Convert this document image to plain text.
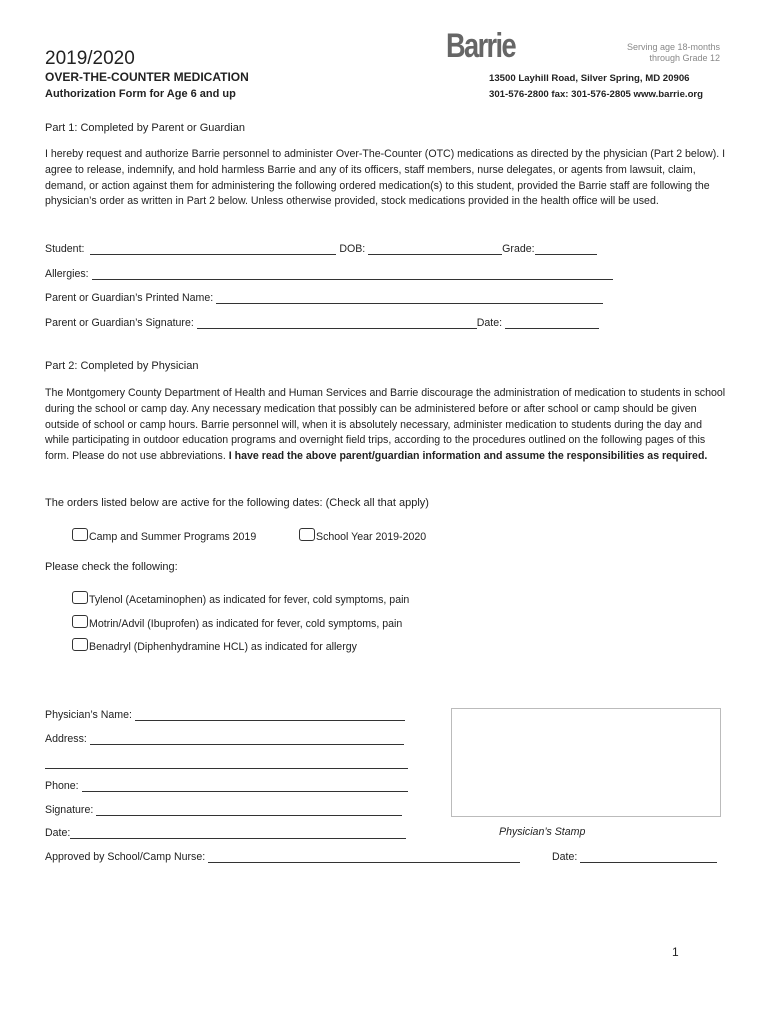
2019/2020
OVER-THE-COUNTER MEDICATION
Authorization Form for Age 6 and up
Barrie	Serving age 18-months
through Grade 12
13500 Layhill Road, Silver Spring, MD 20906
301-576-2800 fax: 301-576-2805 www.barrie.org
Part 1: Completed by Parent or Guardian
I hereby request and authorize Barrie personnel to administer Over-The-Counter (OTC) medications as directed by the physician (Part 2 below). I agree to release, indemnify, and hold harmless Barrie and any of its officers, staff members, nurse delegates, or agents from lawsuit, claim, demand, or action against them for administering the following ordered medication(s) to this student, provided the Barrie staff are following the physician’s order as written in Part 2 below. Unless otherwise provided, stock medications provided in the health office will be used.
Student:	DOB:	Grade:
Allergies:
Parent or Guardian’s Printed Name:
Parent or Guardian’s Signature:	Date:
Part 2: Completed by Physician
The Montgomery County Department of Health and Human Services and Barrie discourage the administration of medication to students in school during the school or camp day. Any necessary medication that possibly can be administered before or after school or camp should be given outside of school or camp hours. Barrie personnel will, when it is absolutely necessary, administer medication to students during the day and while participating in outdoor education programs and overnight field trips, according to the procedures outlined on the following pages of this form. Please do not use abbreviations. I have read the above parent/guardian information and assume the responsibilities as required.
The orders listed below are active for the following dates: (Check all that apply)
Camp and Summer Programs 2019	School Year 2019-2020
Please check the following:
Tylenol (Acetaminophen) as indicated for fever, cold symptoms, pain
Motrin/Advil (Ibuprofen) as indicated for fever, cold symptoms, pain
Benadryl (Diphenhydramine HCL) as indicated for allergy
Physician’s Name:
Address:
Phone:
Signature:
Date:	Physician’s Stamp
Approved by School/Camp Nurse:	Date:
1
